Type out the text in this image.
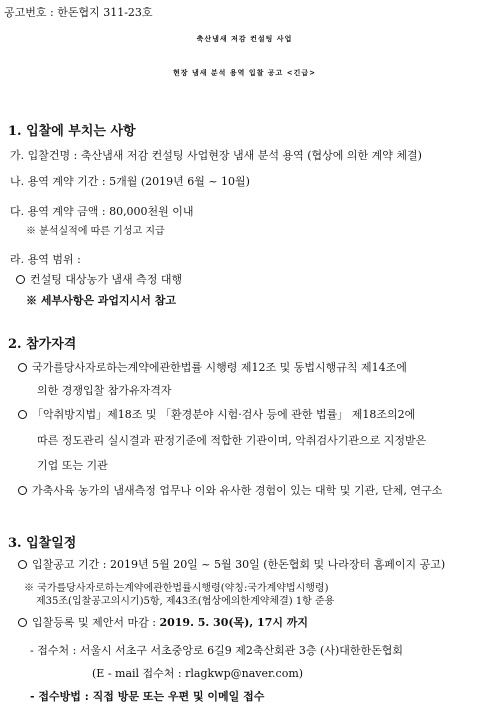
공고번호 : 한돈협지 311-23호
축산냄새 저감 컨설팅 사업
현장 냄새 분석 용역 입찰 공고 <긴급>
1. 입찰에 부치는 사항
가. 입찰건명 : 축산냄새 저감 컨설팅 사업현장 냄새 분석 용역 (협상에 의한 계약 체결)
나. 용역 계약 기간 : 5개월 (2019년 6월 ~ 10월)
다. 용역 계약 금액 : 80,000천원 이내
※ 분석실적에 따른 기성고 지급
라. 용역 범위 :
컨설팅 대상농가 냄새 측정 대행
※ 세부사항은 과업지시서 참고
2. 참가자격
국가를당사자로하는계약에관한법률 시행령 제12조 및 동법시행규칙 제14조에
의한 경쟁입찰 참가유자격자
「악취방지법」제18조 및 「환경분야 시험·검사 등에 관한 법률」 제18조의2에
따른 정도관리 실시결과 판정기준에 적합한 기관이며, 악취검사기관으로 지정받은
기업 또는 기관
가축사육 농가의 냄새측정 업무나 이와 유사한 경험이 있는 대학 및 기관, 단체, 연구소
3. 입찰일정
입찰공고 기간 : 2019년 5월 20일 ~ 5월 30일 (한돈협회 및 나라장터 홈페이지 공고)
※ 국가를당사자로하는계약에관한법률시행령(약칭:국가계약법시행령)
제35조(입찰공고의시기)5항, 제43조(협상에의한계약체결) 1항 준용
입찰등록 및 제안서 마감 : 2019. 5. 30(목), 17시 까지
- 접수처 : 서울시 서초구 서초중앙로 6길9 제2축산회관 3층 (사)대한한돈협회
(E - mail 접수처 : rlagkwp@naver.com)
- 접수방법 : 직접 방문 또는 우편 및 이메일 접수
